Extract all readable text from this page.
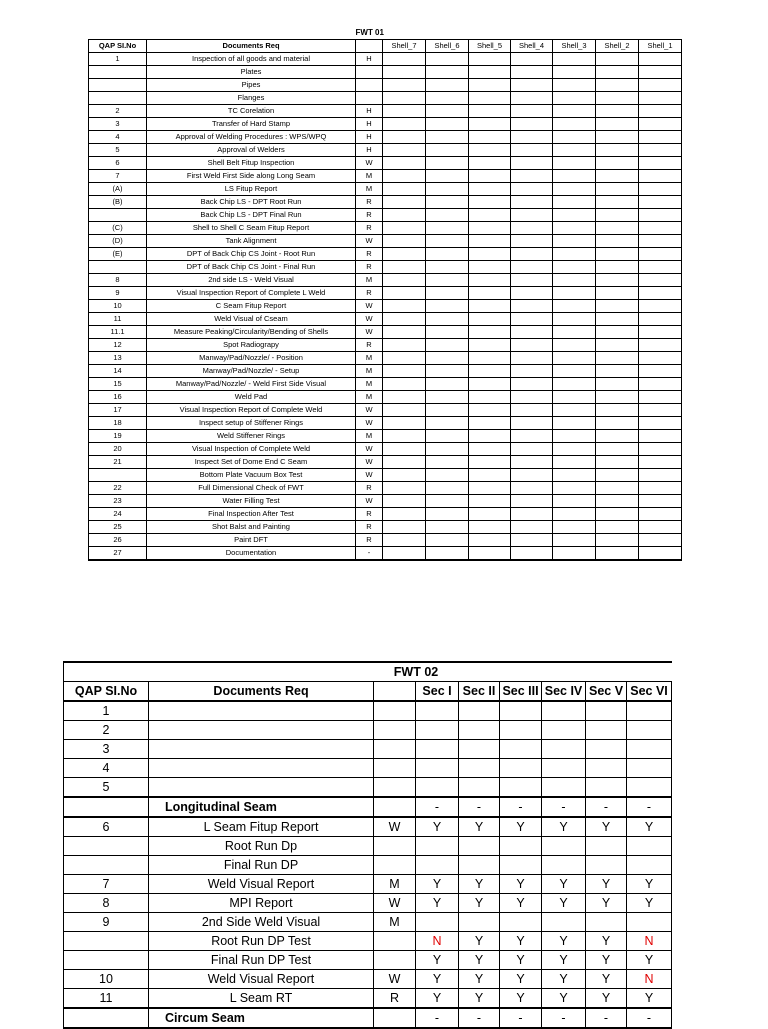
		FWT 01							
QAP SI.No	Documents Req		Shell_7	Shell_6	Shell_5	Shell_4	Shell_3	Shell_2	Shell_1
1	Inspection of all goods and material	H							
	Plates								
	Pipes								
	Flanges								
2	TC Corelation	H							
3	Transfer of Hard Stamp	H							
4	Approval of Welding Procedures : WPS/WPQ	H							
5	Approval of Welders	H							
6	Shell Belt Fitup Inspection	W							
7	First Weld First Side along Long Seam	M							
(A)	LS Fitup Report	M							
(B)	Back Chip LS - DPT Root Run	R							
	Back Chip LS - DPT Final Run	R							
(C)	Shell to Shell C Seam Fitup Report	R							
(D)	Tank Alignment	W							
(E)	DPT of Back Chip CS Joint - Root Run	R							
	DPT of Back Chip CS Joint - Final Run	R							
8	2nd side LS - Weld Visual	M							
9	Visual Inspection Report of Complete L Weld	R							
10	C Seam Fitup Report	W							
11	Weld Visual of Cseam	W							
11.1	Measure Peaking/Circularity/Bending of Shells	W							
12	Spot Radiograpy	R							
13	Manway/Pad/Nozzle/ - Position	M							
14	Manway/Pad/Nozzle/ - Setup	M							
15	Manway/Pad/Nozzle/ - Weld First Side Visual	M							
16	Weld Pad	M							
17	Visual Inspection Report of Complete Weld	W							
18	Inspect setup of Stiffener Rings	W							
19	Weld Stiffener Rings	M							
20	Visual Inspection of Complete Weld	W							
21	Inspect Set of Dome End C Seam	W							
	Bottom Plate Vacuum Box Test	W							
22	Full Dimensional Check of FWT	R							
23	Water Filling Test	W							
24	Final Inspection After Test	R							
25	Shot Balst and Painting	R							
26	Paint DFT	R							
27	Documentation	-							
		FWT 02						
QAP SI.No	Documents Req		Sec I	Sec II	Sec III	Sec IV	Sec V	Sec VI
1								
2								
3								
4								
5								
	Longitudinal Seam		-	-	-	-	-	-
6	L Seam Fitup Report	W	Y	Y	Y	Y	Y	Y
	Root Run Dp							
	Final Run DP							
7	Weld Visual Report	M	Y	Y	Y	Y	Y	Y
8	MPI Report	W	Y	Y	Y	Y	Y	Y
9	2nd Side Weld Visual	M						
	Root Run DP Test		N	Y	Y	Y	Y	N
	Final Run DP Test		Y	Y	Y	Y	Y	Y
10	Weld Visual Report	W	Y	Y	Y	Y	Y	N
11	L Seam RT	R	Y	Y	Y	Y	Y	Y
	Circum Seam		-	-	-	-	-	-
